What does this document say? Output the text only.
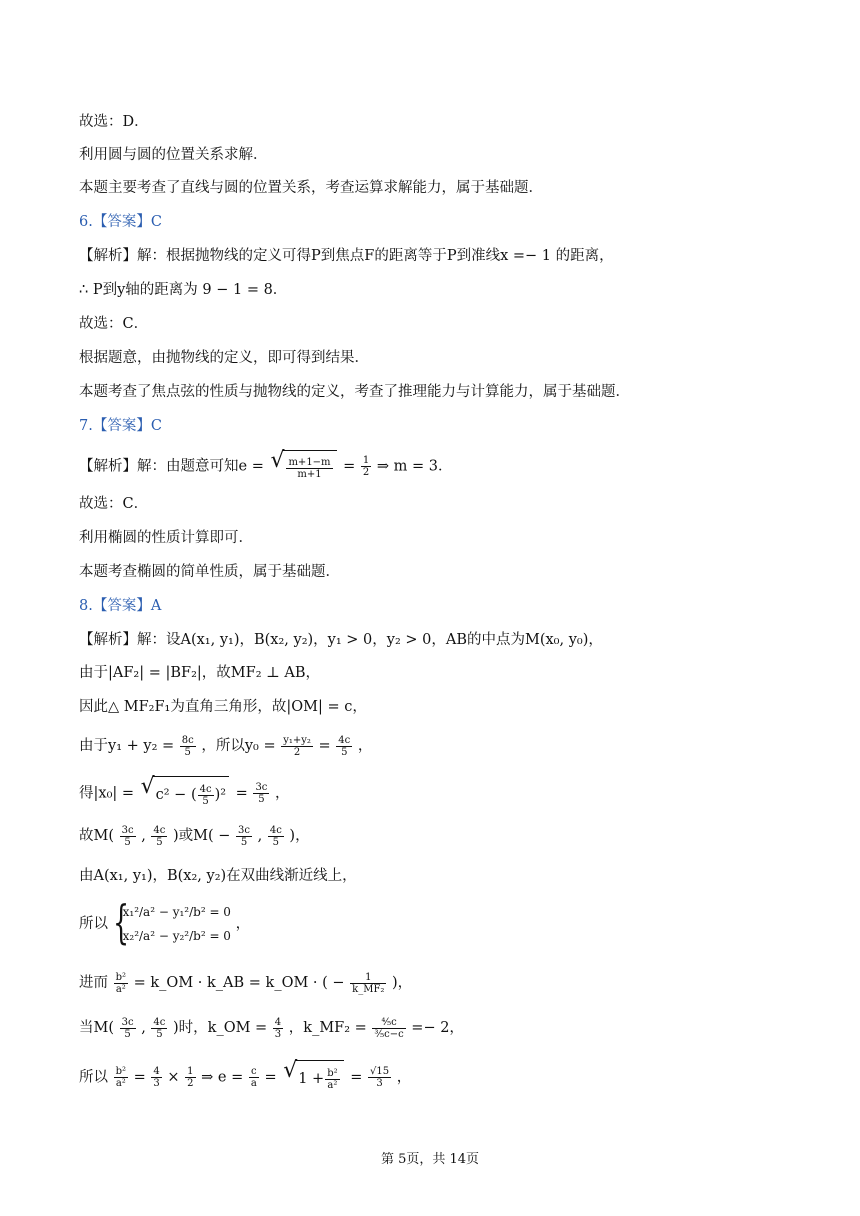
故选：D．
利用圆与圆的位置关系求解．
本题主要考查了直线与圆的位置关系，考查运算求解能力，属于基础题．
6.【答案】C
【解析】解：根据抛物线的定义可得P到焦点F的距离等于P到准线x =− 1 的距离，
∴ P到y轴的距离为 9 − 1 = 8．
故选：C．
根据题意，由抛物线的定义，即可得到结果．
本题考查了焦点弦的性质与抛物线的定义，考查了推理能力与计算能力，属于基础题．
7.【答案】C
【解析】解：由题意可知e = √ $\frac{m+1-m}{m+1} = \frac{1}{2}$ ⇒ m = 3．
故选：C．
利用椭圆的性质计算即可．
本题考查椭圆的简单性质，属于基础题．
8.【答案】A
【解析】解：设A(x₁, y₁)，B(x₂, y₂)，y₁ > 0，y₂ > 0，AB的中点为M(x₀, y₀)，
由于|AF₂| = |BF₂|，故MF₂ ⊥ AB，
因此△ MF₂F₁为直角三角形，故|OM| = c，
由于$y_1 + y_2 = \frac{8c}{5}$ ，所以$y_0 = \frac{\text{y₁+y₂}}{2} = \frac{4c}{5}$ ，
得|x₀| = √ c² − ( $\frac{4c}{5} )^2 = \frac{3c}{5}$ ，
故$M( \frac{3c}{5}$ , $\frac{4c}{5}$ )或$M( - \frac{3c}{5}$ , $\frac{4c}{5}$ )，
由A(x₁, y₁)，B(x₂, y₂)在双曲线渐近线上，
所以 {
x₁²/a² − y₁²/b² = 0
x₂²/a² − y₂²/b² = 0
，
进而 $\frac{\text{b²}}{\text{a²}}$ = k_OM · k_AB = k_OM · ( − $\frac{1}{\text{k\_MF₂}}$ )，
当$M( \frac{3c}{5}$ , $\frac{4c}{5}$ )时，k_OM = $\frac{4}{3}$ ，k_MF₂ = $\frac{\text{⁴⁄₅c}}{\text{³⁄₅c−c}} =- 2$，
所以 $\frac{\text{b²}}{\text{a²}} = \frac{4}{3} \times \frac{1}{2}$ ⇒ $e = \frac{c}{a}$ = √ $1 + \frac{\text{b²}}{\text{a²}} = \frac{√15}{3}$ ，
第 5页，共 14页
